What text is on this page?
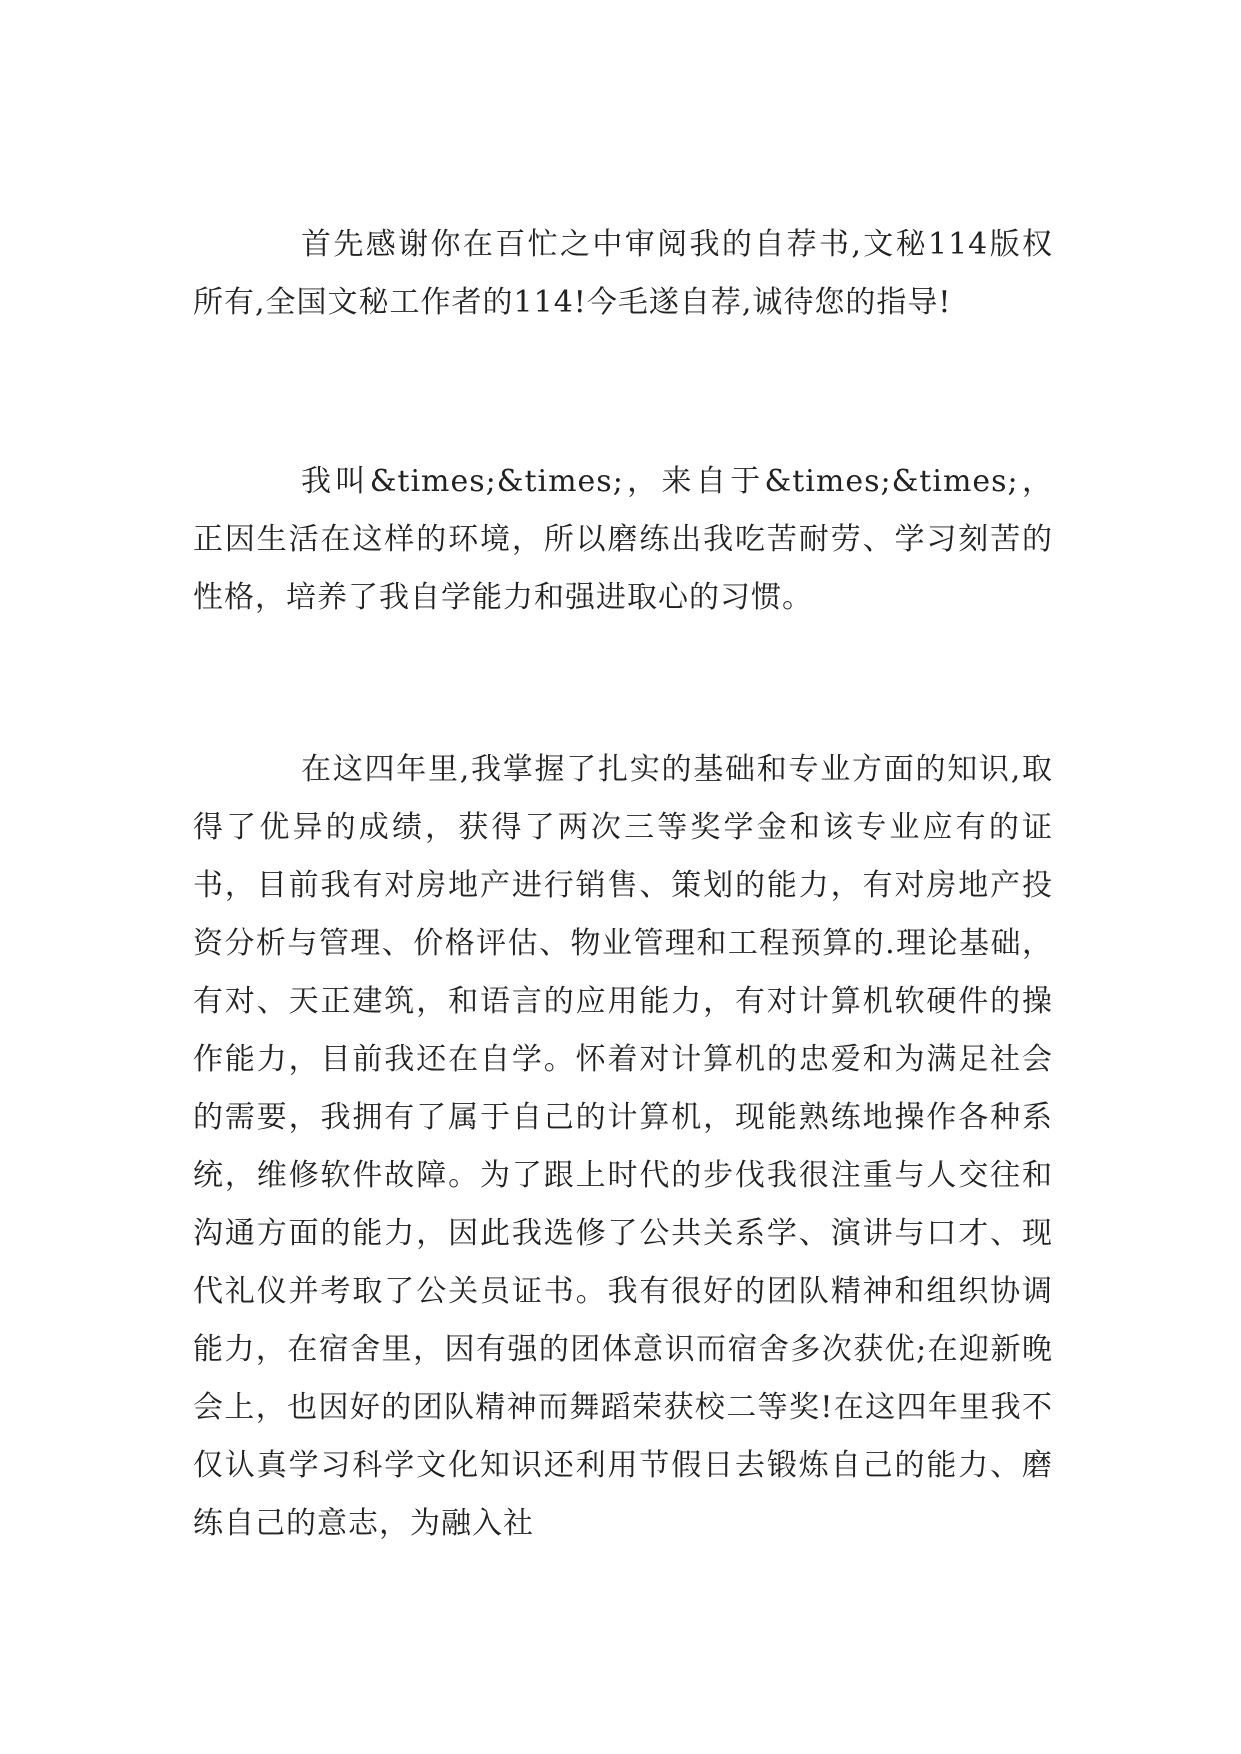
首先感谢你在百忙之中审阅我的自荐书,文秘114版权所有,全国文秘工作者的114!今毛遂自荐,诚待您的指导!

我叫&times;&times;，来自于&times;&times;，正因生活在这样的环境，所以磨练出我吃苦耐劳、学习刻苦的性格，培养了我自学能力和强进取心的习惯。

在这四年里,我掌握了扎实的基础和专业方面的知识,取得了优异的成绩，获得了两次三等奖学金和该专业应有的证书，目前我有对房地产进行销售、策划的能力，有对房地产投资分析与管理、价格评估、物业管理和工程预算的.理论基础，有对、天正建筑，和语言的应用能力，有对计算机软硬件的操作能力，目前我还在自学。怀着对计算机的忠爱和为满足社会的需要，我拥有了属于自己的计算机，现能熟练地操作各种系统，维修软件故障。为了跟上时代的步伐我很注重与人交往和沟通方面的能力，因此我选修了公共关系学、演讲与口才、现代礼仪并考取了公关员证书。我有很好的团队精神和组织协调能力，在宿舍里，因有强的团体意识而宿舍多次获优;在迎新晚会上，也因好的团队精神而舞蹈荣获校二等奖!在这四年里我不仅认真学习科学文化知识还利用节假日去锻炼自己的能力、磨练自己的意志，为融入社
